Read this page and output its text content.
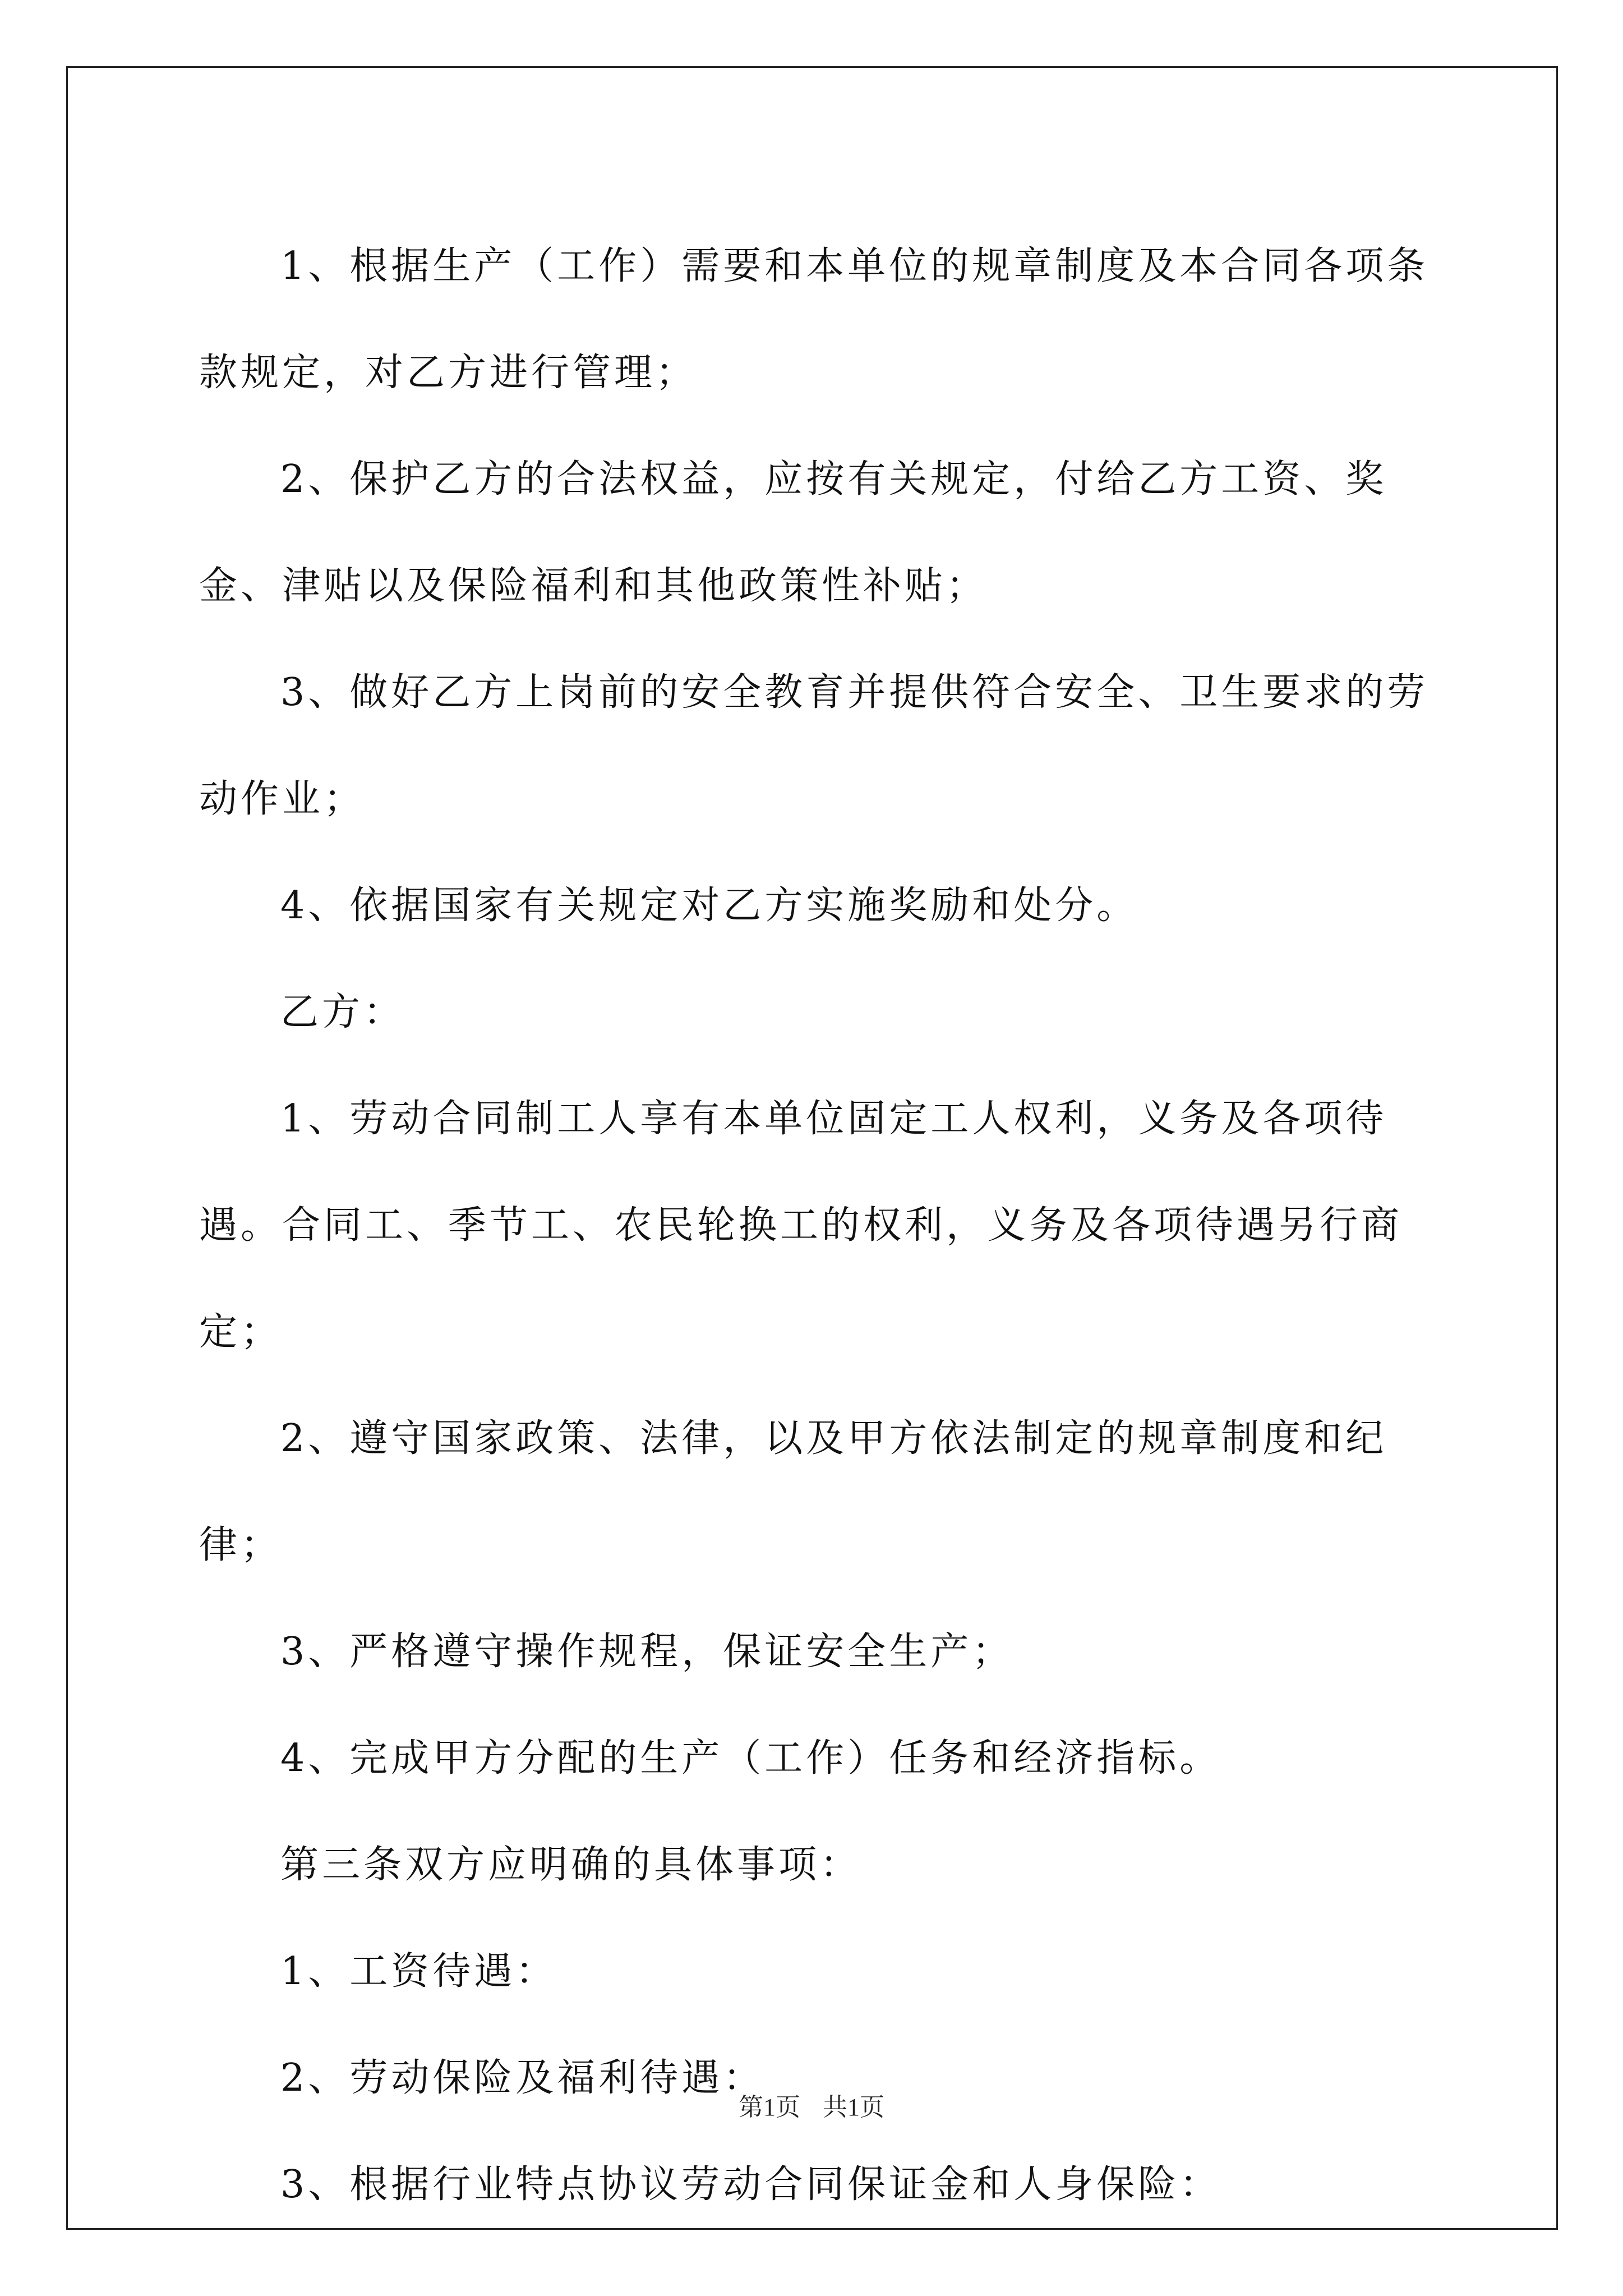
1、根据生产（工作）需要和本单位的规章制度及本合同各项条款规定，对乙方进行管理；

2、保护乙方的合法权益，应按有关规定，付给乙方工资、奖金、津贴以及保险福利和其他政策性补贴；

3、做好乙方上岗前的安全教育并提供符合安全、卫生要求的劳动作业；

4、依据国家有关规定对乙方实施奖励和处分。

乙方：

1、劳动合同制工人享有本单位固定工人权利，义务及各项待遇。合同工、季节工、农民轮换工的权利，义务及各项待遇另行商定；

2、遵守国家政策、法律，以及甲方依法制定的规章制度和纪律；

3、严格遵守操作规程，保证安全生产；

4、完成甲方分配的生产（工作）任务和经济指标。

第三条双方应明确的具体事项：

1、工资待遇：

2、劳动保险及福利待遇：

3、根据行业特点协议劳动合同保证金和人身保险：

第1页 共1页
